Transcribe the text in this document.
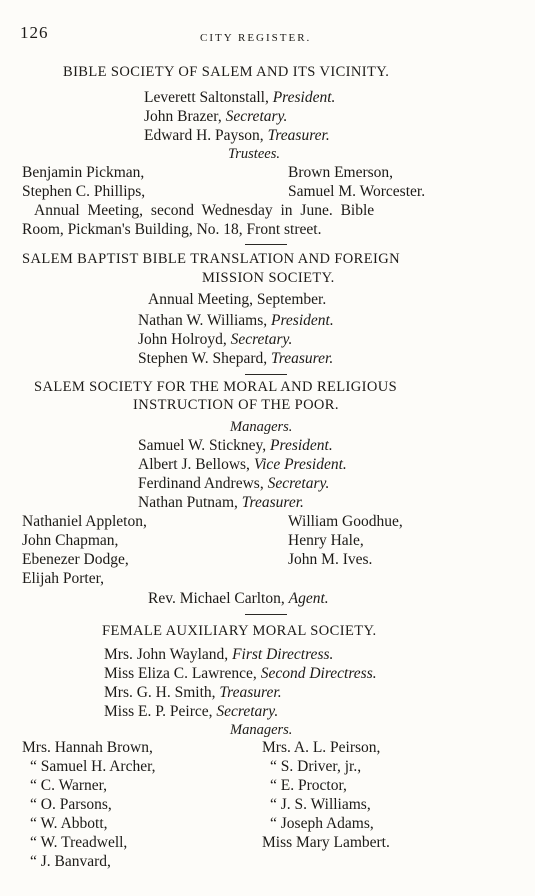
126	CITY REGISTER.
BIBLE SOCIETY OF SALEM AND ITS VICINITY.
Leverett Saltonstall, President.
John Brazer, Secretary.
Edward H. Payson, Treasurer.
Trustees.
Benjamin Pickman,
Stephen C. Phillips,
Brown Emerson,
Samuel M. Worcester.
Annual Meeting, second Wednesday in June. Bible
Room, Pickman's Building, No. 18, Front street.
SALEM BAPTIST BIBLE TRANSLATION AND FOREIGN
MISSION SOCIETY.
Annual Meeting, September.
Nathan W. Williams, President.
John Holroyd, Secretary.
Stephen W. Shepard, Treasurer.
SALEM SOCIETY FOR THE MORAL AND RELIGIOUS
INSTRUCTION OF THE POOR.
Managers.
Samuel W. Stickney, President.
Albert J. Bellows, Vice President.
Ferdinand Andrews, Secretary.
Nathan Putnam, Treasurer.
Nathaniel Appleton,
John Chapman,
Ebenezer Dodge,
Elijah Porter,
William Goodhue,
Henry Hale,
John M. Ives.
Rev. Michael Carlton, Agent.
FEMALE AUXILIARY MORAL SOCIETY.
Mrs. John Wayland, First Directress.
Miss Eliza C. Lawrence, Second Directress.
Mrs. G. H. Smith, Treasurer.
Miss E. P. Peirce, Secretary.
Managers.
Mrs. Hannah Brown,
“ Samuel H. Archer,
“ C. Warner,
“ O. Parsons,
“ W. Abbott,
“ W. Treadwell,
“ J. Banvard,
Mrs. A. L. Peirson,
“ S. Driver, jr.,
“ E. Proctor,
“ J. S. Williams,
“ Joseph Adams,
Miss Mary Lambert.
